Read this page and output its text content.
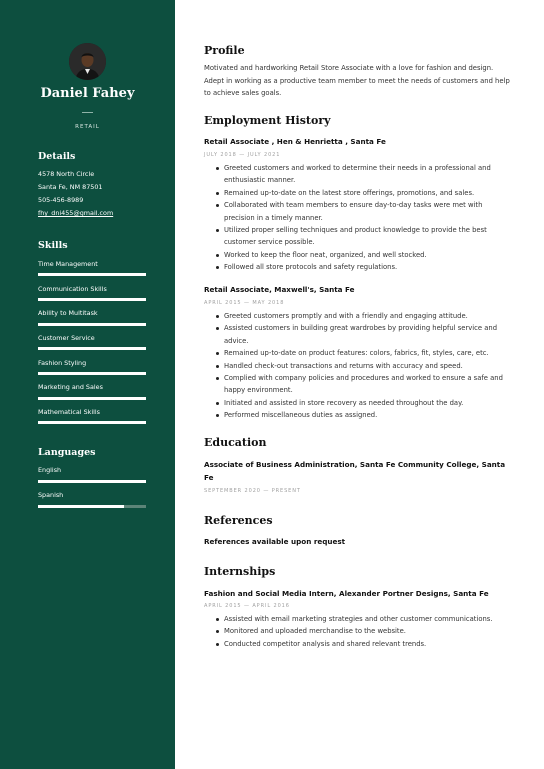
Daniel Fahey
RETAIL
Details
4578 North Circle
Santa Fe, NM 87501
505-456-8989
fhy_dni455@gmail.com
Skills
Time Management
Communication Skills
Ability to Multitask
Customer Service
Fashion Styling
Marketing and Sales
Mathematical Skills
Languages
English
Spanish
Profile

Motivated and hardworking Retail Store Associate with a love for fashion and design. Adept in working as a productive team member to meet the needs of customers and help to achieve sales goals.

Employment History

Retail Associate , Hen & Henrietta , Santa Fe

JULY 2018 — JULY 2021
Greeted customers and worked to determine their needs in a professional and enthusiastic manner.
Remained up-to-date on the latest store offerings, promotions, and sales.
Collaborated with team members to ensure day-to-day tasks were met with precision in a timely manner.
Utilized proper selling techniques and product knowledge to provide the best customer service possible.
Worked to keep the floor neat, organized, and well stocked.
Followed all store protocols and safety regulations.

Retail Associate, Maxwell's, Santa Fe

APRIL 2015 — MAY 2018
Greeted customers promptly and with a friendly and engaging attitude.
Assisted customers in building great wardrobes by providing helpful service and advice.
Remained up-to-date on product features: colors, fabrics, fit, styles, care, etc.
Handled check-out transactions and returns with accuracy and speed.
Complied with company policies and procedures and worked to ensure a safe and happy environment.
Initiated and assisted in store recovery as needed throughout the day.
Performed miscellaneous duties as assigned.
Education

Associate of Business Administration, Santa Fe Community College, Santa Fe

SEPTEMBER 2020 — PRESENT
References

References available upon request

Internships

Fashion and Social Media Intern, Alexander Portner Designs, Santa Fe

APRIL 2015 — APRIL 2016
Assisted with email marketing strategies and other customer communications.
Monitored and uploaded merchandise to the website.
Conducted competitor analysis and shared relevant trends.
